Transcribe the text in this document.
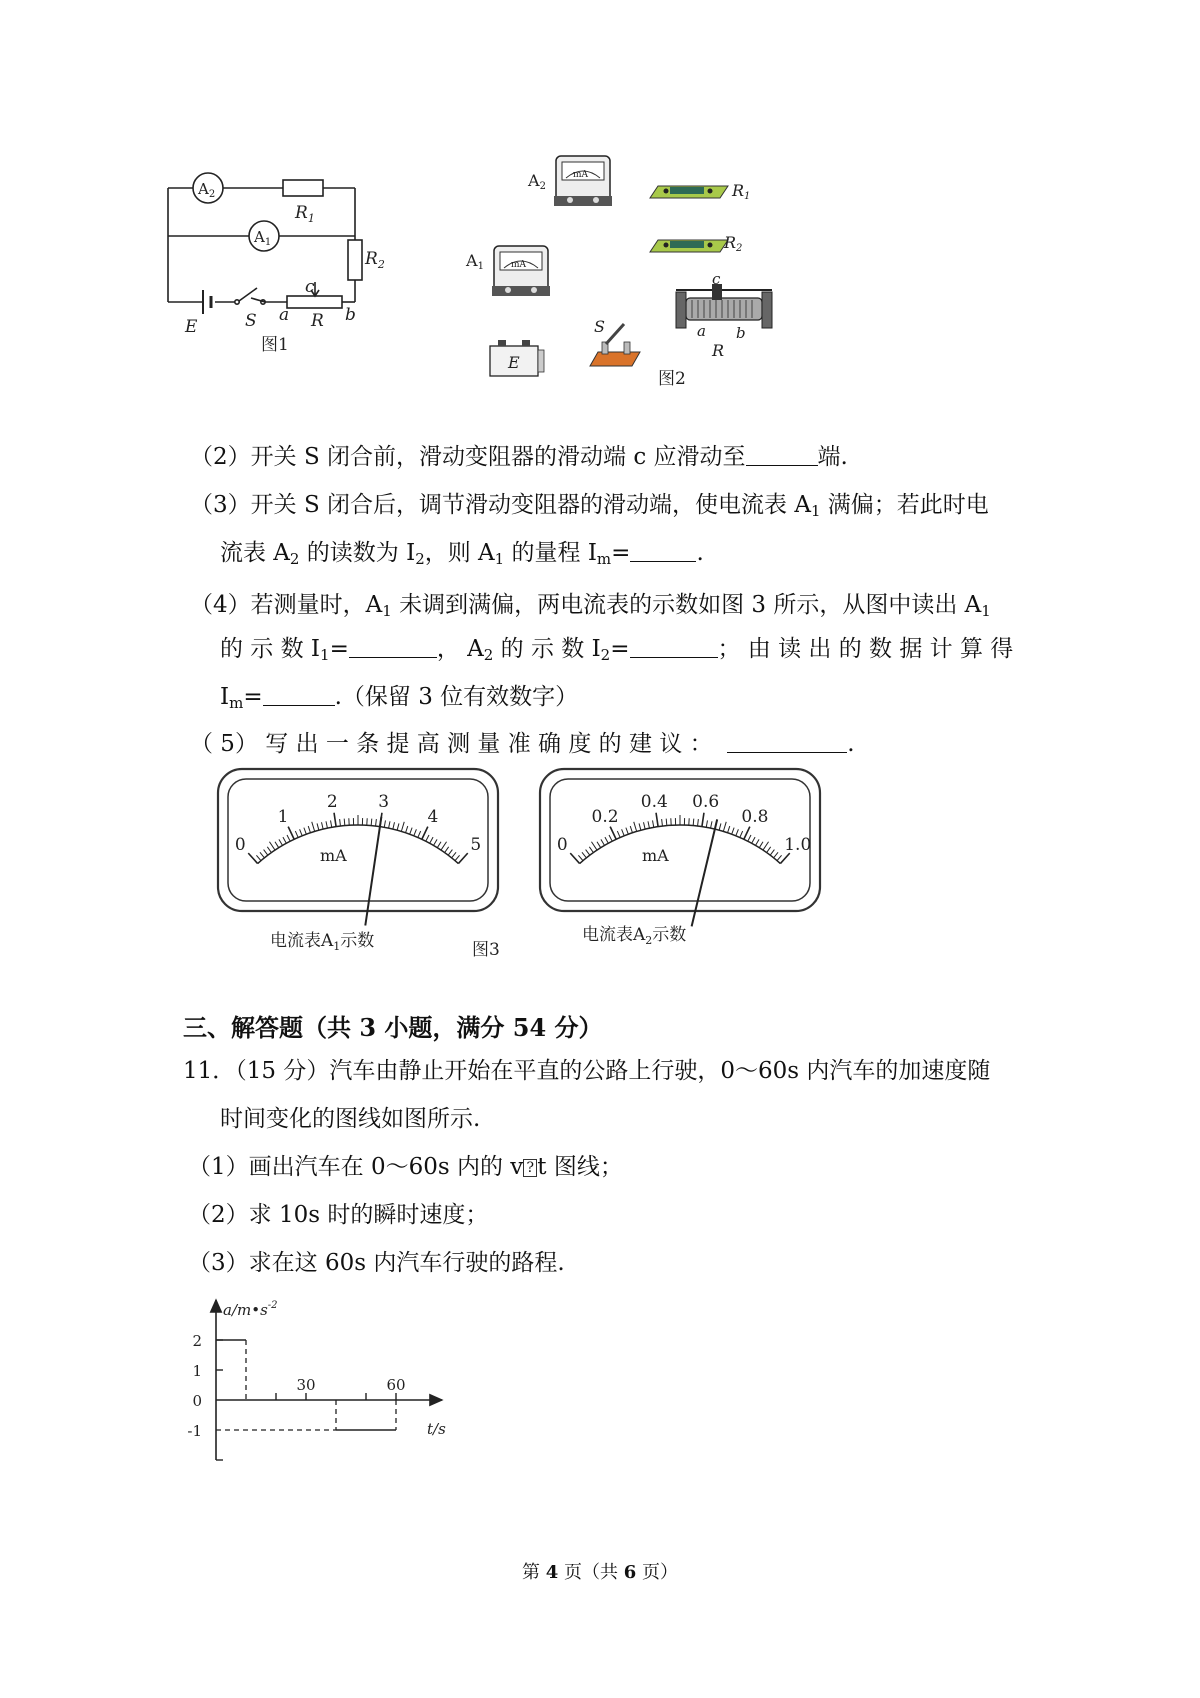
$A_2$
$A_1$
$R_1$
$R_2$
E	S
c
a R b
图1
mA
A2
mA
A1
R1
R2
c
a b
R
S
E
图2
（2）开关 S 闭合前，滑动变阻器的滑动端 c 应滑动至	端.
（3）开关 S 闭合后，调节滑动变阻器的滑动端，使电流表 $A_1$ 满偏；若此时电
流表 $A_2$ 的读数为 $I_2$，则 $A_1$ 的量程 $I_m=$	.
（4）若测量时，$A_1$ 未调到满偏，两电流表的示数如图 3 所示，从图中读出 $A_1$
的 示 数 $I_1=$	， $A_2$ 的 示 数 $I_2=$	； 由 读 出 的 数 据 计 算 得
$I_m=$	.（保留 3 位有效数字）
（ 5） 写 出 一 条 提 高 测 量 准 确 度 的 建 议 ：	.
mA
0
1
2 3
4
5
电流表$A_1$示数
mA
0
0.2
0.4 0.6
0.8
1.0
电流表$A_2$示数
图3
三、解答题（共 3 小题，满分 54 分）
11．（15 分）汽车由静止开始在平直的公路上行驶，0～60s 内汽车的加速度随
时间变化的图线如图所示.
（1）画出汽车在 0～60s 内的 v ? t 图线；
（2）求 10s 时的瞬时速度；
（3）求在这 60s 内汽车行驶的路程.
$a/m•s^{-2}$
t/s
2
1
0
-1
30	60
第 4 页（共 6 页）
